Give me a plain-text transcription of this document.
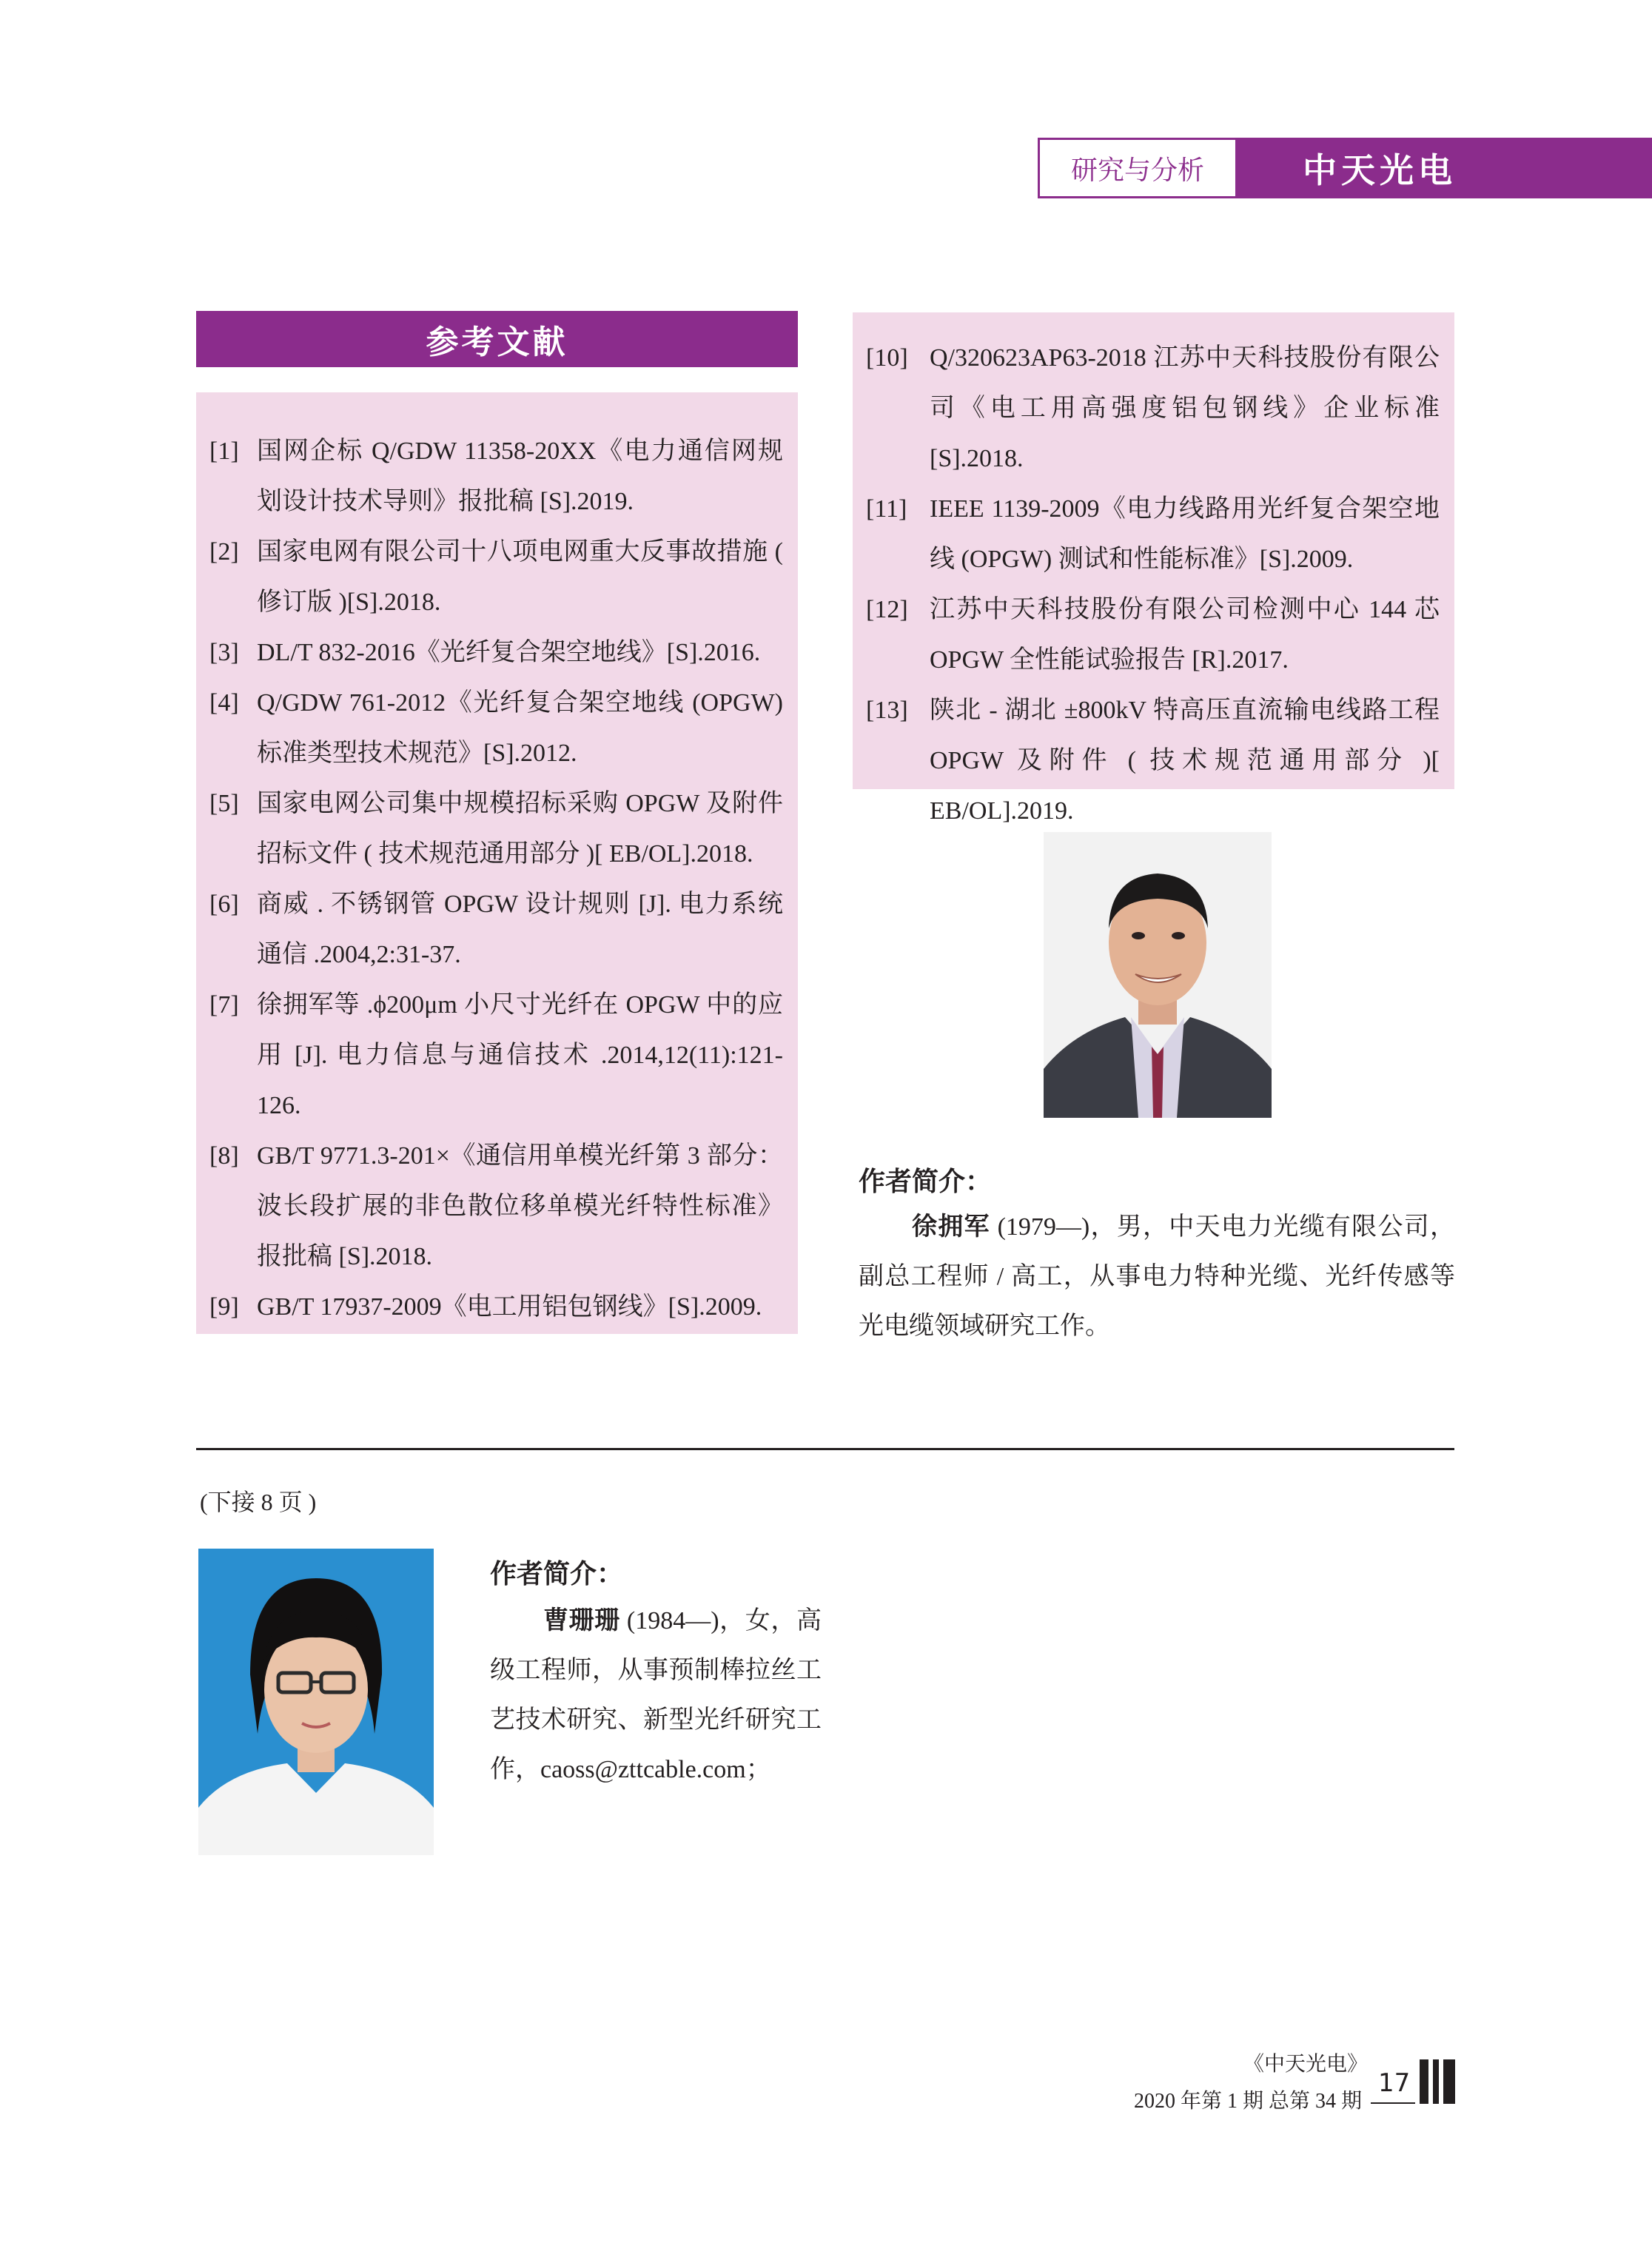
研究与分析	中天光电
参考文献
[1] 国网企标 Q/GDW 11358-20XX《电力通信网规划设计技术导则》报批稿 [S].2019.
[2] 国家电网有限公司十八项电网重大反事故措施 ( 修订版 )[S].2018.
[3] DL/T 832-2016《光纤复合架空地线》[S].2016.
[4] Q/GDW 761-2012《光纤复合架空地线 (OPGW) 标准类型技术规范》[S].2012.
[5] 国家电网公司集中规模招标采购 OPGW 及附件招标文件 ( 技术规范通用部分 )[ EB/OL].2018.
[6] 商威 . 不锈钢管 OPGW 设计规则 [J]. 电力系统通信 .2004,2:31-37.
[7] 徐拥军等 .ϕ200μm 小尺寸光纤在 OPGW 中的应用 [J]. 电力信息与通信技术 .2014,12(11):121-126.
[8] GB/T 9771.3-201×《通信用单模光纤第 3 部分：波长段扩展的非色散位移单模光纤特性标准》报批稿 [S].2018.
[9] GB/T 17937-2009《电工用铝包钢线》[S].2009.
[10] Q/320623AP63-2018 江苏中天科技股份有限公司《电工用高强度铝包钢线》企业标准 [S].2018.
[11] IEEE 1139-2009《电力线路用光纤复合架空地线 (OPGW) 测试和性能标准》[S].2009.
[12] 江苏中天科技股份有限公司检测中心 144 芯 OPGW 全性能试验报告 [R].2017.
[13] 陕北 - 湖北 ±800kV 特高压直流输电线路工程 OPGW 及附件 ( 技术规范通用部分 )[ EB/OL].2019.
作者简介：

徐拥军 (1979—)，男，中天电力光缆有限公司，副总工程师 / 高工，从事电力特种光缆、光纤传感等光电缆领域研究工作。

(下接 8 页 )
作者简介：

曹珊珊 (1984—)，女，高级工程师，从事预制棒拉丝工艺技术研究、新型光纤研究工作，caoss@zttcable.com；

《中天光电》
2020 年第 1 期 总第 34 期
17
